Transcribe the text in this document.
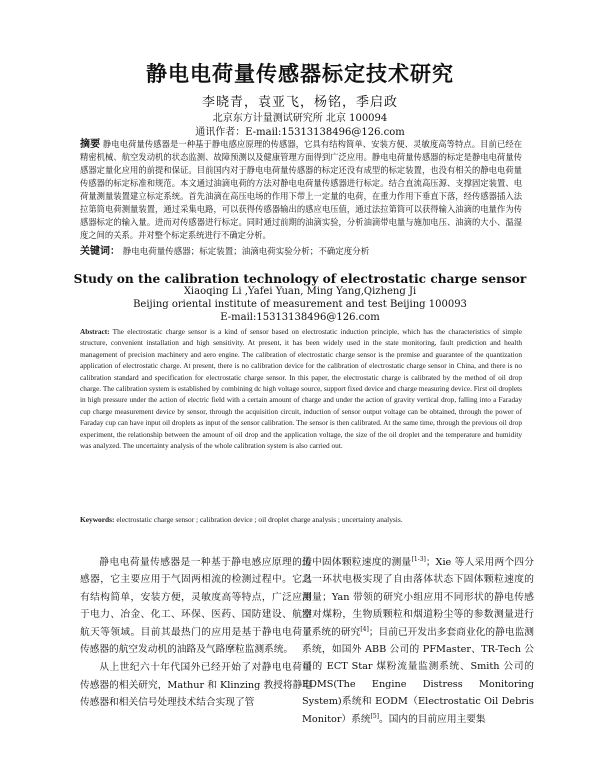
静电电荷量传感器标定技术研究
李晓青，袁亚飞，杨铭，季启政
北京东方计量测试研究所 北京 100094
通讯作者：E-mail:15313138496@126.com
摘要 静电电荷量传感器是一种基于静电感应原理的传感器，它具有结构简单、安装方便、灵敏度高等特点。目前已经在精密机械、航空发动机的状态监测、故障预测以及健康管理方面得到广泛应用。静电电荷量传感器的标定是静电电荷量传感器定量化应用的前提和保证。目前国内对于静电电荷量传感器的标定还没有成型的标定装置，也没有相关的静电电荷量传感器的标定标准和规范。本文通过油滴电荷的方法对静电电荷量传感器进行标定。结合直流高压源、支撑固定装置、电荷量测量装置建立标定系统。首先油滴在高压电场的作用下带上一定量的电荷，在重力作用下垂直下落，经传感器插入法拉第筒电荷测量装置，通过采集电路，可以获得传感器输出的感应电压值，通过法拉第筒可以获得输入油滴的电量作为传感器标定的输入量。进而对传感器进行标定。同时通过前期的油滴实验，分析油滴带电量与施加电压、油滴的大小、温湿度之间的关系。并对整个标定系统进行不确定分析。
关键词： 静电电荷量传感器；标定装置；油滴电荷实验分析；不确定度分析
Study on the calibration technology of electrostatic charge sensor
Xiaoqing Li ,Yafei Yuan, Ming Yang,Qizheng Ji
Beijing oriental institute of measurement and test Beijing 100093
E-mail:15313138496@126.com
Abstract: The electrostatic charge sensor is a kind of sensor based on electrostatic induction principle, which has the characteristics of simple structure, convenient installation and high sensitivity. At present, it has been widely used in the state monitoring, fault prediction and health management of precision machinery and aero engine. The calibration of electrostatic charge sensor is the premise and guarantee of the quantization application of electrostatic charge. At present, there is no calibration device for the calibration of electrostatic charge sensor in China, and there is no calibration standard and specification for electrostatic charge sensor. In this paper, the electrostatic charge is calibrated by the method of oil drop charge. The calibration system is established by combining dc high voltage source, support fixed device and charge measuring device. First oil droplets in high pressure under the action of electric field with a certain amount of charge and under the action of gravity vertical drop, falling into a Faraday cup charge measurement device by sensor, through the acquisition circuit, induction of sensor output voltage can be obtained, through the power of Faraday cup can have input oil droplets as input of the sensor calibration. The sensor is then calibrated. At the same time, through the previous oil drop experiment, the relationship between the amount of oil drop and the application voltage, the size of the oil droplet and the temperature and humidity was analyzed. The uncertainty analysis of the whole calibration system is also carried out.
Keywords: electrostatic charge sensor ; calibration device ; oil droplet charge analysis ; uncertainty analysis.

静电电荷量传感器是一种基于静电感应原理的传感器，它主要应用于气固两相流的检测过程中。它具有结构简单，安装方便，灵敏度高等特点，广泛应用于电力、冶金、化工、环保、医药、国防建设、航空航天等领域。目前其最热门的应用是基于静电电荷量传感器的航空发动机的油路及气路摩粒监测系统。

从上世纪六十年代国外已经开始了对静电电荷量传感器的相关研究，Mathur 和 Klinzing 教授将静电传感器和相关信号处理技术结合实现了管

道中固体颗粒速度的测量[1-3]；Xie 等人采用两个四分之一环状电极实现了自由落体状态下固体颗粒速度的测量；Yan 带领的研究小组应用不同形状的静电传感器对煤粉，生物质颗粒和烟道粉尘等的参数测量进行了系统的研究[4]；目前已开发出多套商业化的静电监测系统，如国外 ABB 公司的 PFMaster、TR-Tech 公司的 ECT Star 煤粉流量监测系统、Smith 公司的 EDMS(The Engine Distress Monitoring System)系统和 EODM（Electrostatic Oil Debris Monitor）系统[5]。国内的目前应用主要集
